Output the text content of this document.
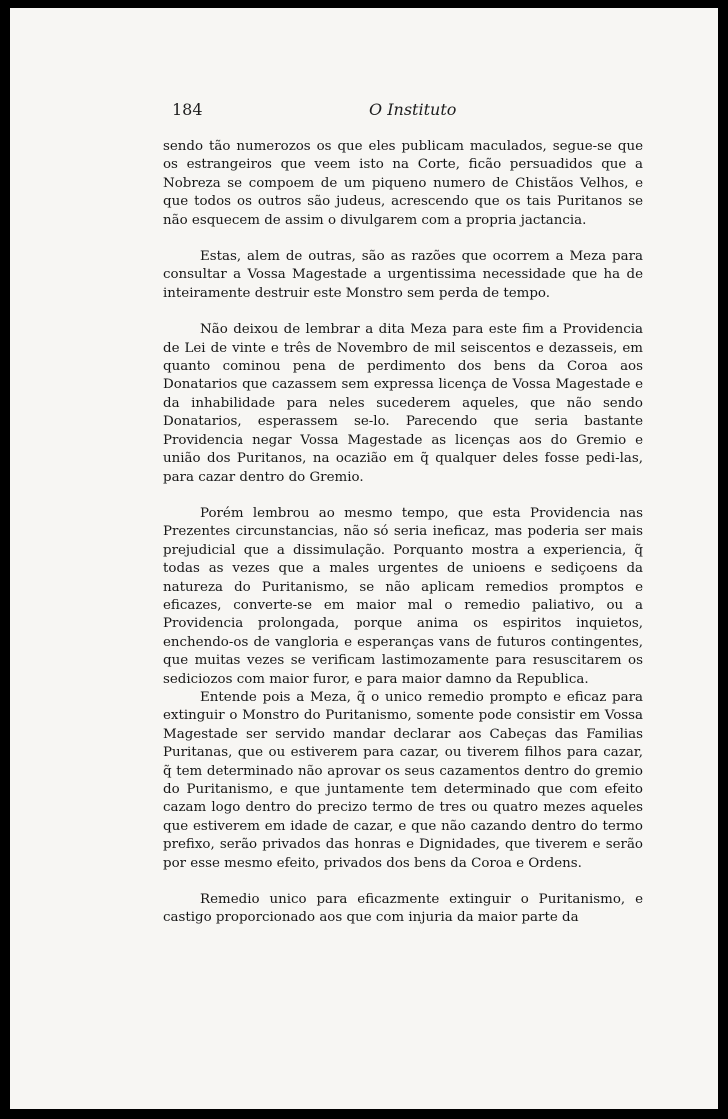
184	O Instituto

sendo tão numerozos os que eles publicam maculados, segue-se que os estrangeiros que veem isto na Corte, ficão persuadidos que a Nobreza se compoem de um piqueno numero de Chistãos Velhos, e que todos os outros são judeus, acrescendo que os tais Puritanos se não esquecem de assim o divulgarem com a propria jactancia.

Estas, alem de outras, são as razões que ocorrem a Meza para consultar a Vossa Magestade a urgentissima necessidade que ha de inteiramente destruir este Monstro sem perda de tempo.

Não deixou de lembrar a dita Meza para este fim a Providencia de Lei de vinte e três de Novembro de mil seiscentos e dezasseis, em quanto cominou pena de perdimento dos bens da Coroa aos Donatarios que cazassem sem expressa licença de Vossa Magestade e da inhabilidade para neles sucederem aqueles, que não sendo Donatarios, esperassem se-lo. Parecendo que seria bastante Providencia negar Vossa Magestade as licenças aos do Gremio e união dos Puritanos, na ocazião em q̃ qualquer deles fosse pedi-las, para cazar dentro do Gremio.

Porém lembrou ao mesmo tempo, que esta Providencia nas Prezentes circunstancias, não só seria ineficaz, mas poderia ser mais prejudicial que a dissimulação. Porquanto mostra a experiencia, q̃ todas as vezes que a males urgentes de unioens e sediçoens da natureza do Puritanismo, se não aplicam remedios promptos e eficazes, converte-se em maior mal o remedio paliativo, ou a Providencia prolongada, porque anima os espiritos inquietos, enchendo-os de vangloria e esperanças vans de futuros contingentes, que muitas vezes se verificam lastimozamente para resuscitarem os sediciozos com maior furor, e para maior damno da Republica.

Entende pois a Meza, q̃ o unico remedio prompto e eficaz para extinguir o Monstro do Puritanismo, somente pode consistir em Vossa Magestade ser servido mandar declarar aos Cabeças das Familias Puritanas, que ou estiverem para cazar, ou tiverem filhos para cazar, q̃ tem determinado não aprovar os seus cazamentos dentro do gremio do Puritanismo, e que juntamente tem determinado que com efeito cazam logo dentro do precizo termo de tres ou quatro mezes aqueles que estiverem em idade de cazar, e que não cazando dentro do termo prefixo, serão privados das honras e Dignidades, que tiverem e serão por esse mesmo efeito, privados dos bens da Coroa e Ordens.

Remedio unico para eficazmente extinguir o Puritanismo, e castigo proporcionado aos que com injuria da maior parte da
